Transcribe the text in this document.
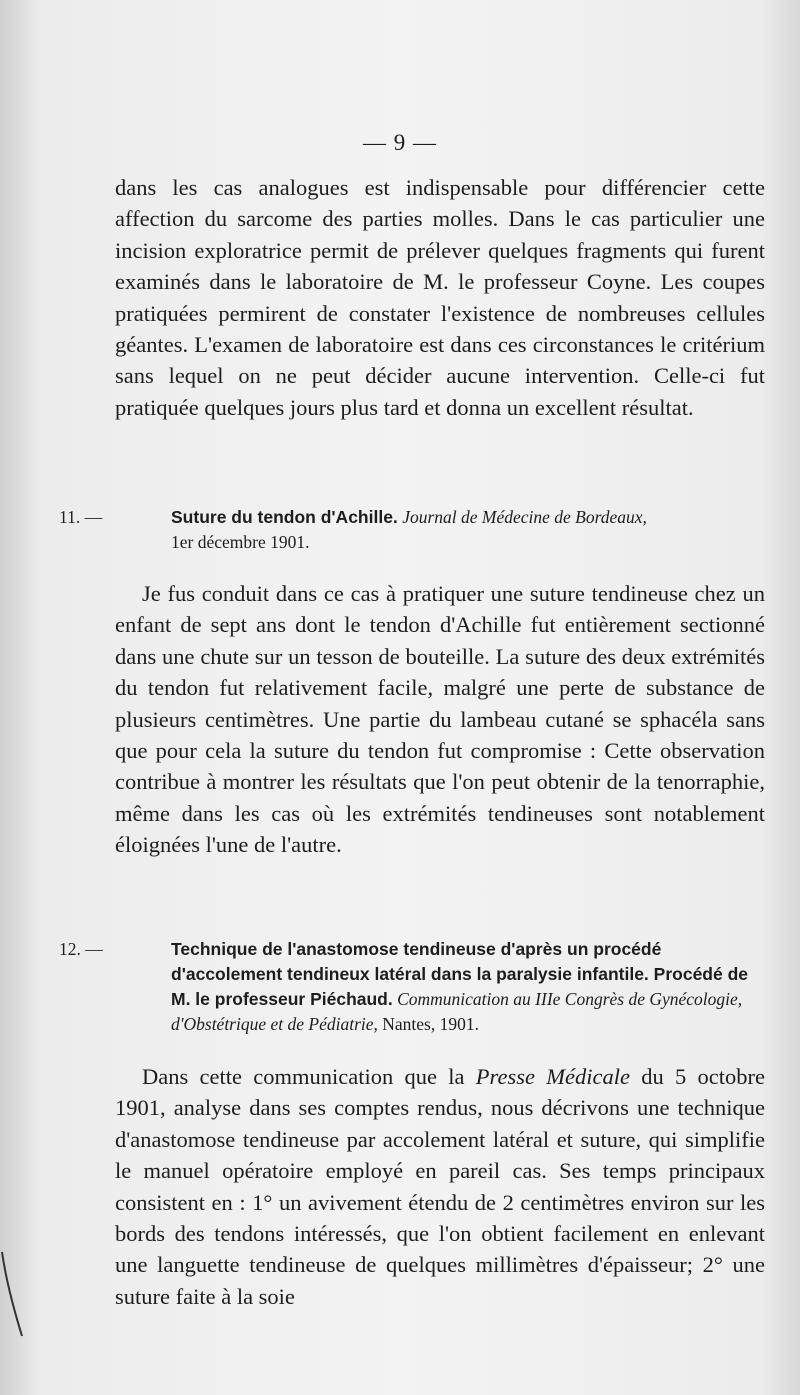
— 9 —

dans les cas analogues est indispensable pour différencier cette affection du sarcome des parties molles. Dans le cas particulier une incision exploratrice permit de prélever quelques fragments qui furent examinés dans le laboratoire de M. le professeur Coyne. Les coupes pratiquées permirent de constater l'existence de nombreuses cellules géantes. L'examen de laboratoire est dans ces circonstances le critérium sans lequel on ne peut décider aucune intervention. Celle-ci fut pratiquée quelques jours plus tard et donna un excellent résultat.

11. —	Suture du tendon d'Achille. Journal de Médecine de Bordeaux,
1er décembre 1901.

Je fus conduit dans ce cas à pratiquer une suture tendineuse chez un enfant de sept ans dont le tendon d'Achille fut entièrement sectionné dans une chute sur un tesson de bouteille. La suture des deux extrémités du tendon fut relativement facile, malgré une perte de substance de plusieurs centimètres. Une partie du lambeau cutané se sphacéla sans que pour cela la suture du tendon fut compromise : Cette observation contribue à montrer les résultats que l'on peut obtenir de la tenorraphie, même dans les cas où les extrémités tendineuses sont notablement éloignées l'une de l'autre.

12. —	Technique de l'anastomose tendineuse d'après un procédé d'accolement tendineux latéral dans la paralysie infantile. Procédé de M. le professeur Piéchaud. Communication au IIIe Congrès de Gynécologie, d'Obstétrique et de Pédiatrie, Nantes, 1901.

Dans cette communication que la Presse Médicale du 5 octobre 1901, analyse dans ses comptes rendus, nous décrivons une technique d'anastomose tendineuse par accolement latéral et suture, qui simplifie le manuel opératoire employé en pareil cas. Ses temps principaux consistent en : 1° un avivement étendu de 2 centimètres environ sur les bords des tendons intéressés, que l'on obtient facilement en enlevant une languette tendineuse de quelques millimètres d'épaisseur; 2° une suture faite à la soie
